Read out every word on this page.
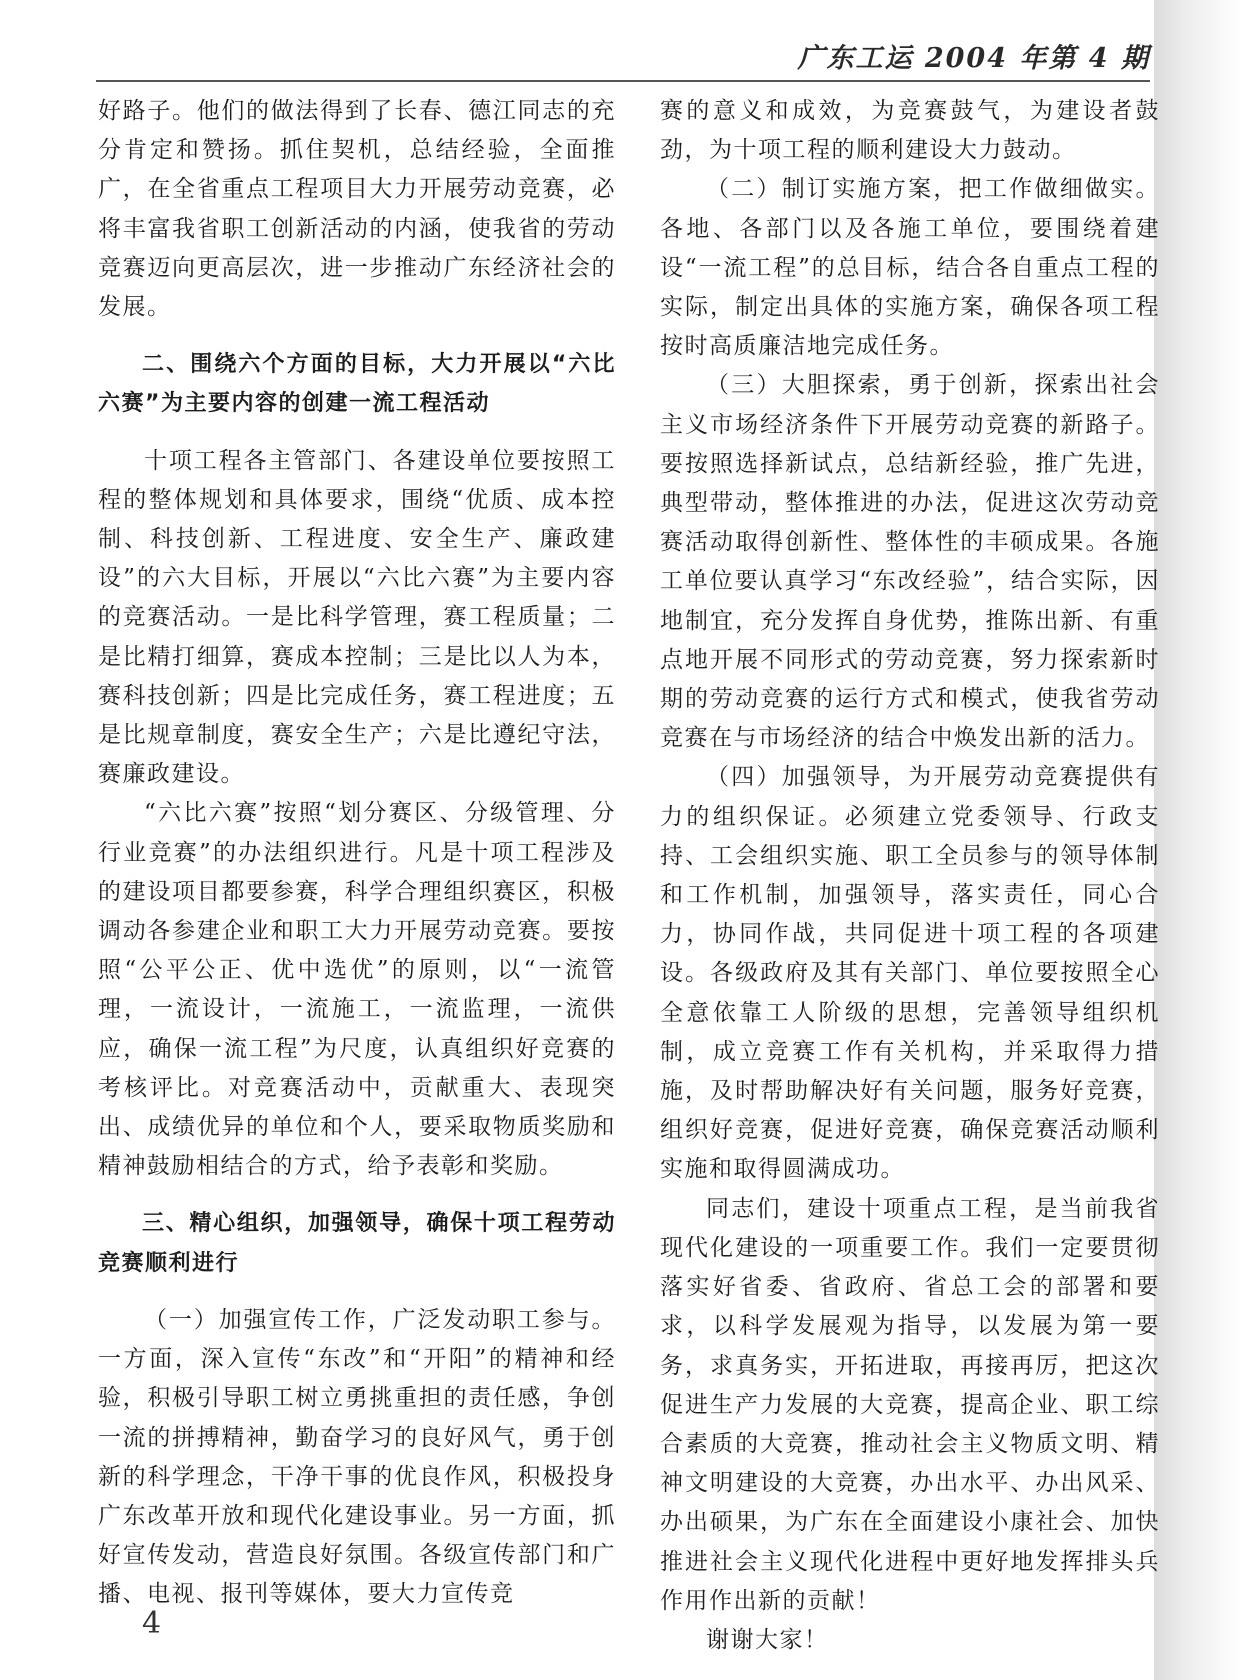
广东工运 2004 年第 4 期

好路子。他们的做法得到了长春、德江同志的充分肯定和赞扬。抓住契机，总结经验，全面推广，在全省重点工程项目大力开展劳动竞赛，必将丰富我省职工创新活动的内涵，使我省的劳动竞赛迈向更高层次，进一步推动广东经济社会的发展。

二、围绕六个方面的目标，大力开展以“六比六赛”为主要内容的创建一流工程活动

十项工程各主管部门、各建设单位要按照工程的整体规划和具体要求，围绕“优质、成本控制、科技创新、工程进度、安全生产、廉政建设”的六大目标，开展以“六比六赛”为主要内容的竞赛活动。一是比科学管理，赛工程质量；二是比精打细算，赛成本控制；三是比以人为本，赛科技创新；四是比完成任务，赛工程进度；五是比规章制度，赛安全生产；六是比遵纪守法，赛廉政建设。

“六比六赛”按照“划分赛区、分级管理、分行业竞赛”的办法组织进行。凡是十项工程涉及的建设项目都要参赛，科学合理组织赛区，积极调动各参建企业和职工大力开展劳动竞赛。要按照“公平公正、优中选优”的原则，以“一流管理，一流设计，一流施工，一流监理，一流供应，确保一流工程”为尺度，认真组织好竞赛的考核评比。对竞赛活动中，贡献重大、表现突出、成绩优异的单位和个人，要采取物质奖励和精神鼓励相结合的方式，给予表彰和奖励。

三、精心组织，加强领导，确保十项工程劳动竞赛顺利进行

（一）加强宣传工作，广泛发动职工参与。一方面，深入宣传“东改”和“开阳”的精神和经验，积极引导职工树立勇挑重担的责任感，争创一流的拼搏精神，勤奋学习的良好风气，勇于创新的科学理念，干净干事的优良作风，积极投身广东改革开放和现代化建设事业。另一方面，抓好宣传发动，营造良好氛围。各级宣传部门和广播、电视、报刊等媒体，要大力宣传竞

赛的意义和成效，为竞赛鼓气，为建设者鼓劲，为十项工程的顺利建设大力鼓动。

（二）制订实施方案，把工作做细做实。各地、各部门以及各施工单位，要围绕着建设“一流工程”的总目标，结合各自重点工程的实际，制定出具体的实施方案，确保各项工程按时高质廉洁地完成任务。

（三）大胆探索，勇于创新，探索出社会主义市场经济条件下开展劳动竞赛的新路子。要按照选择新试点，总结新经验，推广先进，典型带动，整体推进的办法，促进这次劳动竞赛活动取得创新性、整体性的丰硕成果。各施工单位要认真学习“东改经验”，结合实际，因地制宜，充分发挥自身优势，推陈出新、有重点地开展不同形式的劳动竞赛，努力探索新时期的劳动竞赛的运行方式和模式，使我省劳动竞赛在与市场经济的结合中焕发出新的活力。

（四）加强领导，为开展劳动竞赛提供有力的组织保证。必须建立党委领导、行政支持、工会组织实施、职工全员参与的领导体制和工作机制，加强领导，落实责任，同心合力，协同作战，共同促进十项工程的各项建设。各级政府及其有关部门、单位要按照全心全意依靠工人阶级的思想，完善领导组织机制，成立竞赛工作有关机构，并采取得力措施，及时帮助解决好有关问题，服务好竞赛，组织好竞赛，促进好竞赛，确保竞赛活动顺利实施和取得圆满成功。

同志们，建设十项重点工程，是当前我省现代化建设的一项重要工作。我们一定要贯彻落实好省委、省政府、省总工会的部署和要求，以科学发展观为指导，以发展为第一要务，求真务实，开拓进取，再接再厉，把这次促进生产力发展的大竞赛，提高企业、职工综合素质的大竞赛，推动社会主义物质文明、精神文明建设的大竞赛，办出水平、办出风采、办出硕果，为广东在全面建设小康社会、加快推进社会主义现代化进程中更好地发挥排头兵作用作出新的贡献！

谢谢大家！

4
